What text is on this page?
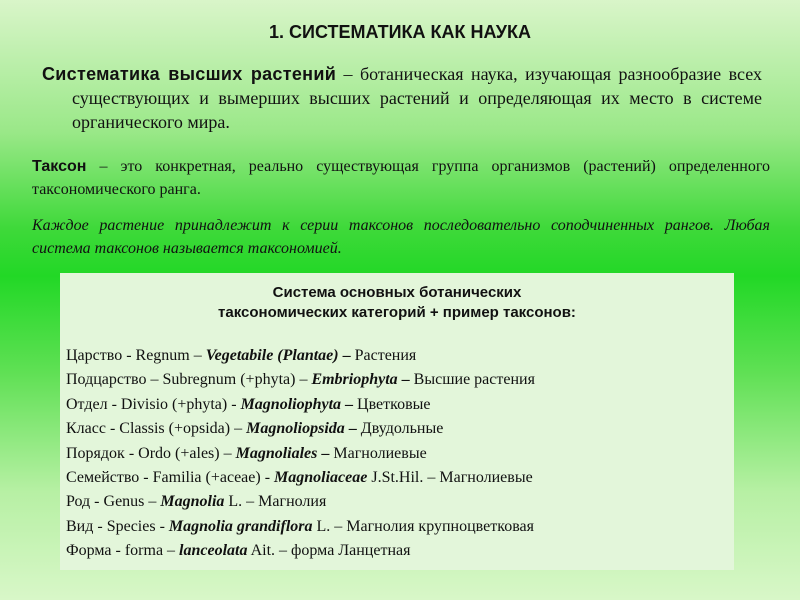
1. СИСТЕМАТИКА КАК НАУКА
Систематика высших растений – ботаническая наука, изучающая разнообразие всех существующих и вымерших высших растений и определяющая их место в системе органического мира.
Таксон – это конкретная, реально существующая группа организмов (растений) определенного таксономического ранга.
Каждое растение принадлежит к серии таксонов последовательно соподчиненных рангов. Любая система таксонов называется таксономией.
Система основных ботанических
таксономических категорий + пример таксонов:
Царство - Regnum – Vegetabile (Plantae) – Растения
Подцарство – Subregnum (+phyta) – Embriophyta – Высшие растения
Отдел - Divisio (+phyta) - Magnoliophyta – Цветковые
Класс - Classis (+opsida) – Magnoliopsida – Двудольные
Порядок - Ordo (+ales) – Magnoliales – Магнолиевые
Семейство - Familia (+aceae) - Magnoliaceae J.St.Hil. – Магнолиевые
Род - Genus – Magnolia L. – Магнолия
Вид - Species - Magnolia grandiflora L. – Магнолия крупноцветковая
Форма - forma – lanceolata Ait. – форма Ланцетная
